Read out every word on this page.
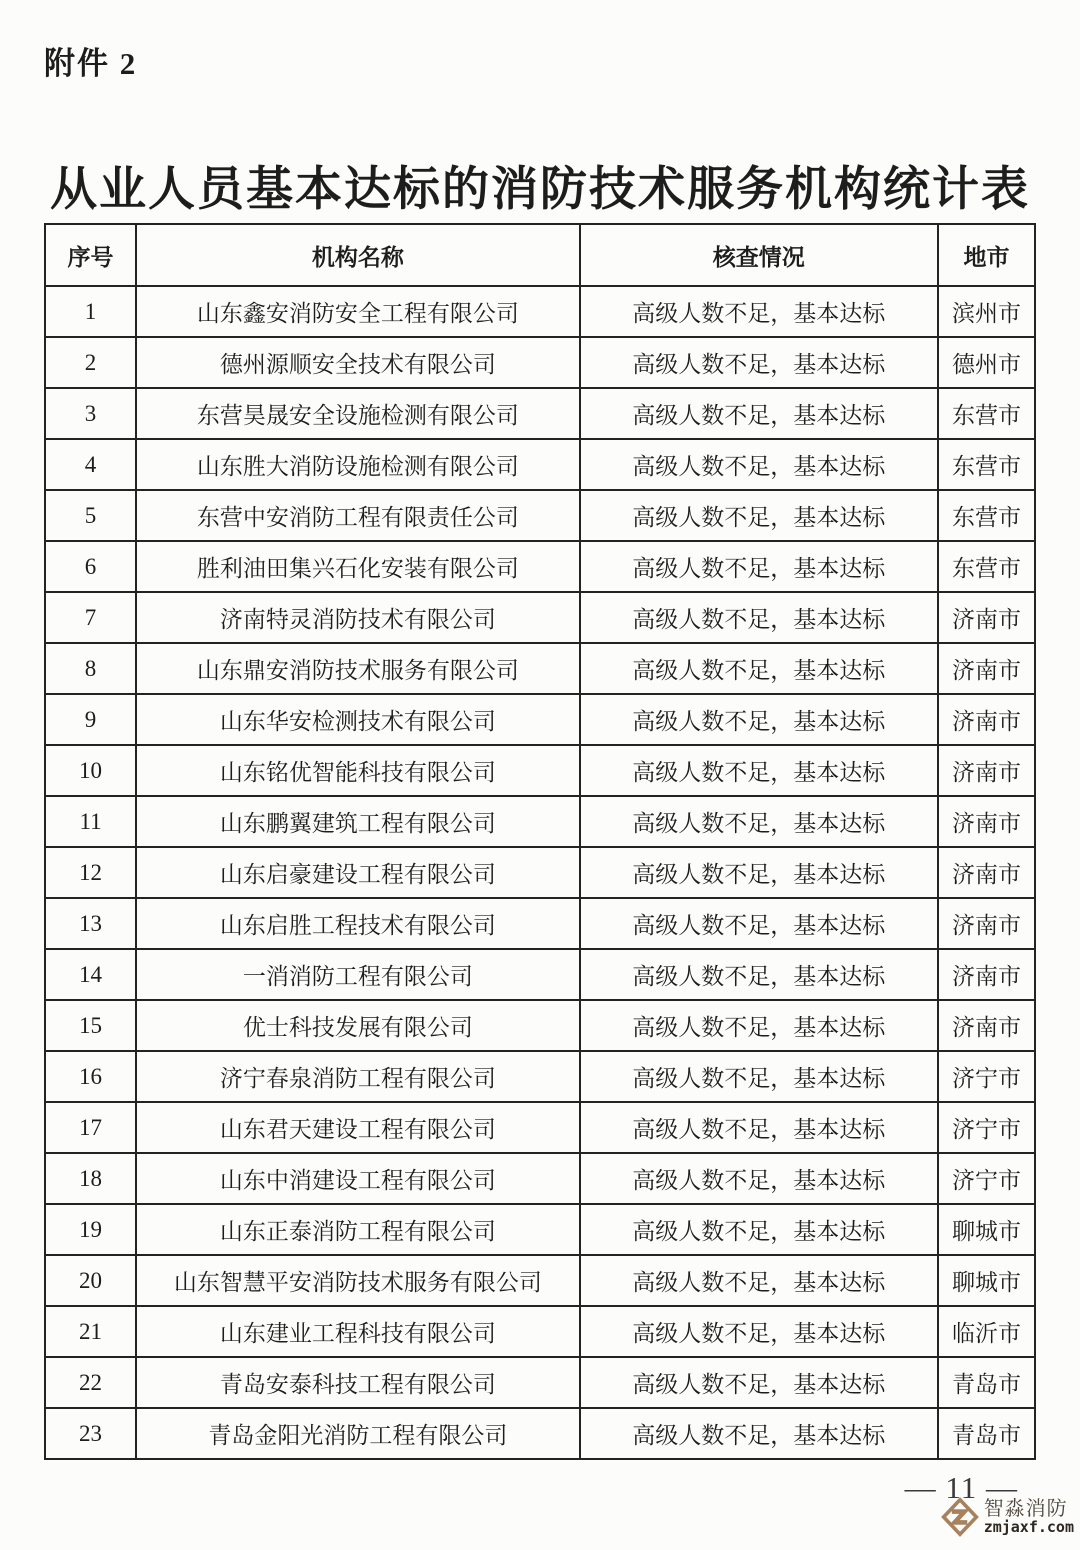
附件 2
从业人员基本达标的消防技术服务机构统计表
序号	机构名称	核查情况	地市
1	山东鑫安消防安全工程有限公司	高级人数不足，基本达标	滨州市
2	德州源顺安全技术有限公司	高级人数不足，基本达标	德州市
3	东营昊晟安全设施检测有限公司	高级人数不足，基本达标	东营市
4	山东胜大消防设施检测有限公司	高级人数不足，基本达标	东营市
5	东营中安消防工程有限责任公司	高级人数不足，基本达标	东营市
6	胜利油田集兴石化安装有限公司	高级人数不足，基本达标	东营市
7	济南特灵消防技术有限公司	高级人数不足，基本达标	济南市
8	山东鼎安消防技术服务有限公司	高级人数不足，基本达标	济南市
9	山东华安检测技术有限公司	高级人数不足，基本达标	济南市
10	山东铭优智能科技有限公司	高级人数不足，基本达标	济南市
11	山东鹏翼建筑工程有限公司	高级人数不足，基本达标	济南市
12	山东启豪建设工程有限公司	高级人数不足，基本达标	济南市
13	山东启胜工程技术有限公司	高级人数不足，基本达标	济南市
14	一消消防工程有限公司	高级人数不足，基本达标	济南市
15	优士科技发展有限公司	高级人数不足，基本达标	济南市
16	济宁春泉消防工程有限公司	高级人数不足，基本达标	济宁市
17	山东君天建设工程有限公司	高级人数不足，基本达标	济宁市
18	山东中消建设工程有限公司	高级人数不足，基本达标	济宁市
19	山东正泰消防工程有限公司	高级人数不足，基本达标	聊城市
20	山东智慧平安消防技术服务有限公司	高级人数不足，基本达标	聊城市
21	山东建业工程科技有限公司	高级人数不足，基本达标	临沂市
22	青岛安泰科技工程有限公司	高级人数不足，基本达标	青岛市
23	青岛金阳光消防工程有限公司	高级人数不足，基本达标	青岛市
— 11 —
智淼消防
zmjaxf.com
